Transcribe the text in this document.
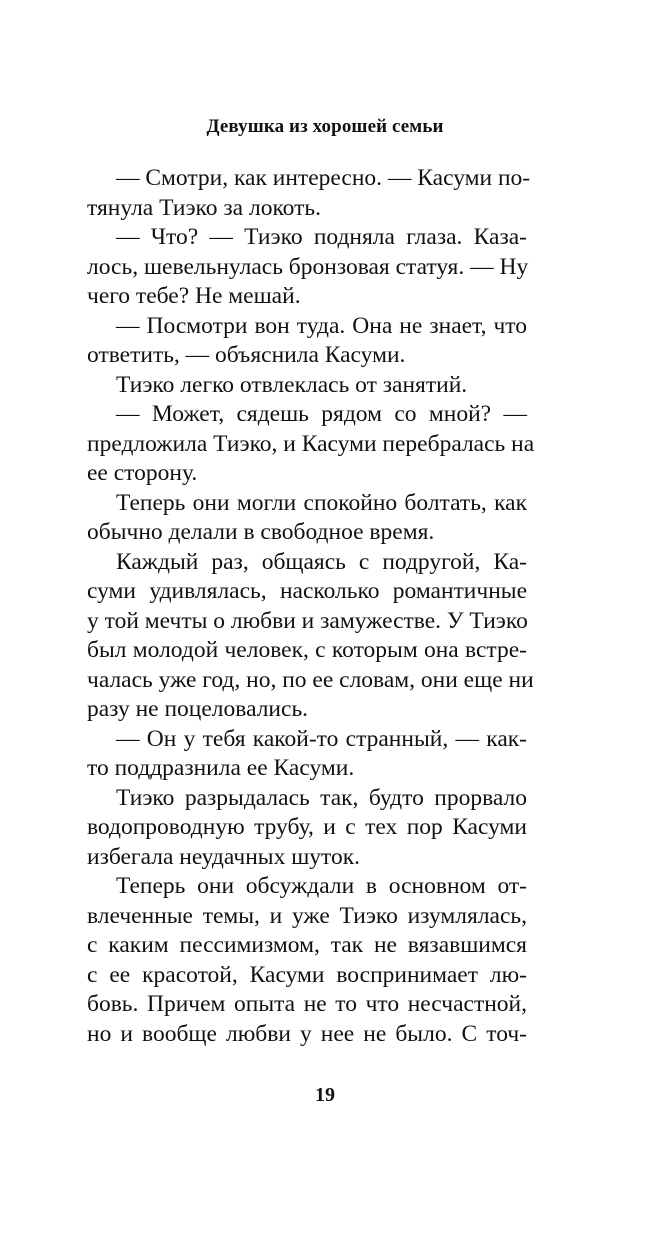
Девушка из хорошей семьи
— Смотри, как интересно. — Касуми по-
тянула Тиэко за локоть.
— Что? — Тиэко подняла глаза. Каза-
лось, шевельнулась бронзовая статуя. — Ну
чего тебе? Не мешай.
— Посмотри вон туда. Она не знает, что
ответить, — объяснила Касуми.
Тиэко легко отвлеклась от занятий.
— Может, сядешь рядом со мной? —
предложила Тиэко, и Касуми перебралась на
ее сторону.
Теперь они могли спокойно болтать, как
обычно делали в свободное время.
Каждый раз, общаясь с подругой, Ка-
суми удивлялась, насколько романтичные
у той мечты о любви и замужестве. У Тиэко
был молодой человек, с которым она встре-
чалась уже год, но, по ее словам, они еще ни
разу не поцеловались.
— Он у тебя какой-то странный, — как-
то поддразнила ее Касуми.
Тиэко разрыдалась так, будто прорвало
водопроводную трубу, и с тех пор Касуми
избегала неудачных шуток.
Теперь они обсуждали в основном от-
влеченные темы, и уже Тиэко изумлялась,
с каким пессимизмом, так не вязавшимся
с ее красотой, Касуми воспринимает лю-
бовь. Причем опыта не то что несчастной,
но и вообще любви у нее не было. С точ-
19
